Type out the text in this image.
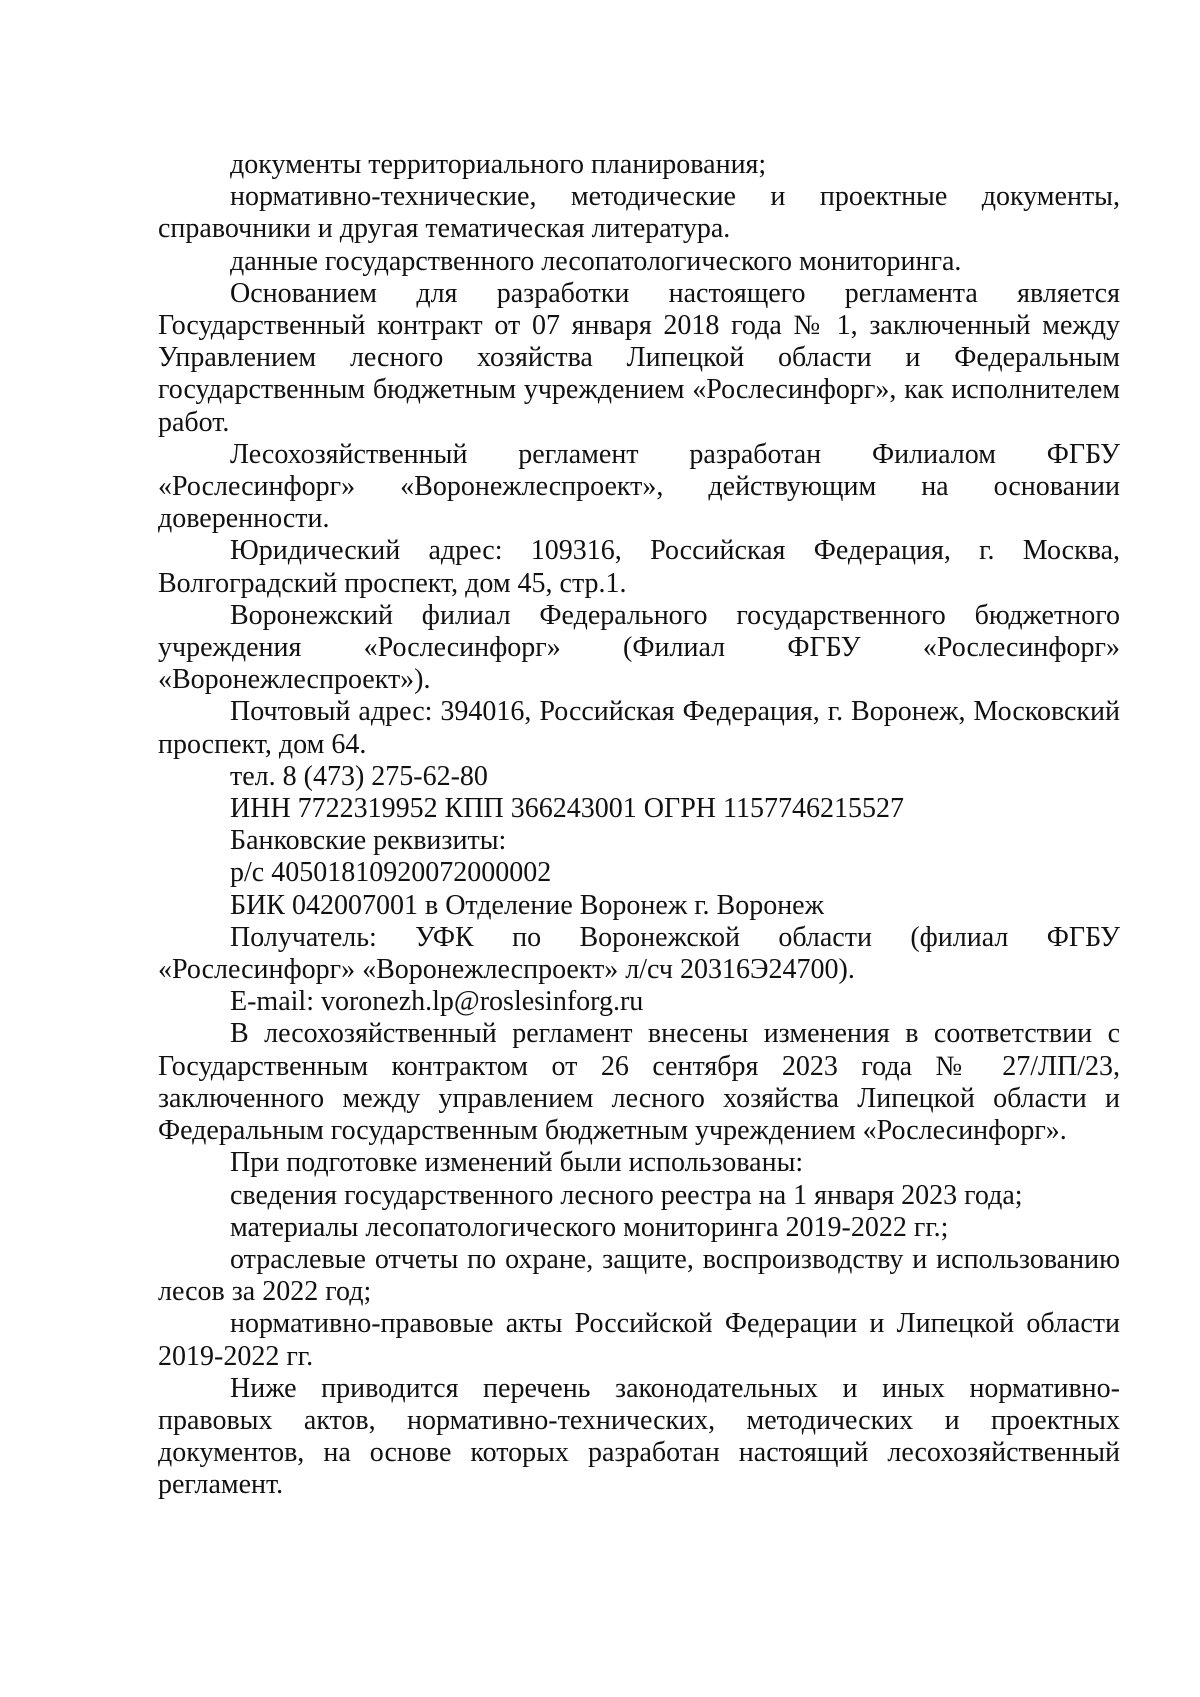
документы территориального планирования;

нормативно-технические, методические и проектные документы, справочники и другая тематическая литература.

данные государственного лесопатологического мониторинга.

Основанием для разработки настоящего регламента является Государственный контракт от 07 января 2018 года № 1, заключенный между Управлением лесного хозяйства Липецкой области и Федеральным государственным бюджетным учреждением «Рослесинфорг», как исполнителем работ.

Лесохозяйственный регламент разработан Филиалом ФГБУ «Рослесинфорг» «Воронежлеспроект», действующим на основании доверенности.

Юридический адрес: 109316, Российская Федерация, г. Москва, Волгоградский проспект, дом 45, стр.1.

Воронежский филиал Федерального государственного бюджетного учреждения «Рослесинфорг» (Филиал ФГБУ «Рослесинфорг» «Воронежлеспроект»).

Почтовый адрес: 394016, Российская Федерация, г. Воронеж, Московский проспект, дом 64.

тел. 8 (473) 275-62-80

ИНН 7722319952 КПП 366243001 ОГРН 1157746215527

Банковские реквизиты:

р/с 40501810920072000002

БИК 042007001 в Отделение Воронеж г. Воронеж

Получатель: УФК по Воронежской области (филиал ФГБУ «Рослесинфорг» «Воронежлеспроект» л/сч 20316Э24700).

E-mail: voronezh.lp@roslesinforg.ru

В лесохозяйственный регламент внесены изменения в соответствии с Государственным контрактом от 26 сентября 2023 года № 27/ЛП/23, заключенного между управлением лесного хозяйства Липецкой области и Федеральным государственным бюджетным учреждением «Рослесинфорг».

При подготовке изменений были использованы:

сведения государственного лесного реестра на 1 января 2023 года;

материалы лесопатологического мониторинга 2019-2022 гг.;

отраслевые отчеты по охране, защите, воспроизводству и использованию лесов за 2022 год;

нормативно-правовые акты Российской Федерации и Липецкой области 2019-2022 гг.

Ниже приводится перечень законодательных и иных нормативно-правовых актов, нормативно-технических, методических и проектных документов, на основе которых разработан настоящий лесохозяйственный регламент.
